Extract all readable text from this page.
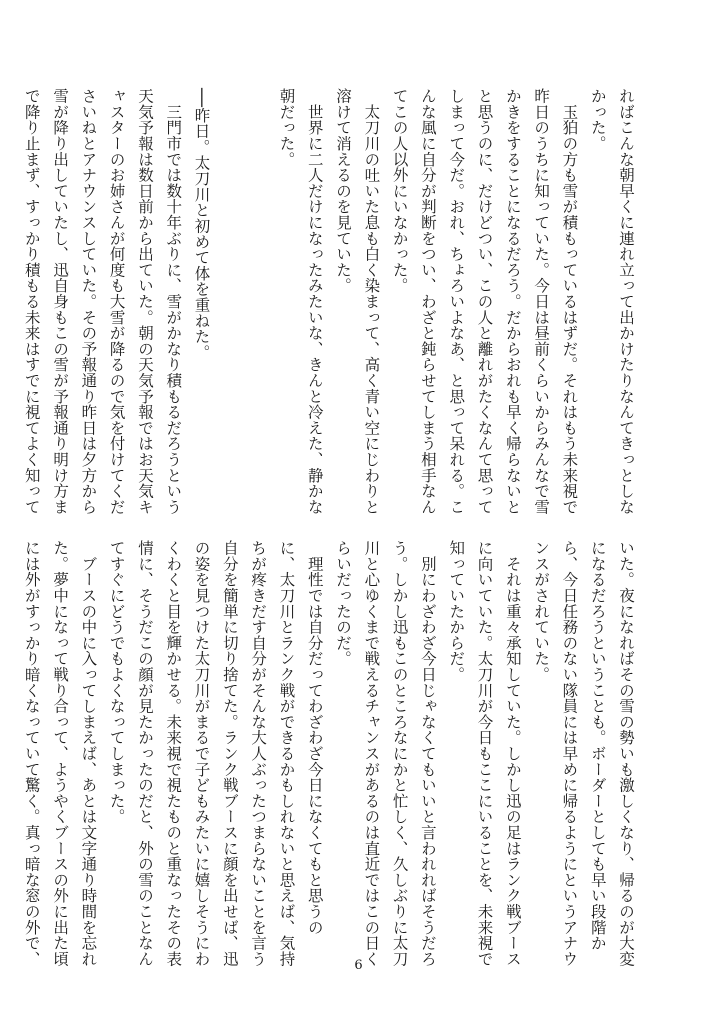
ればこんな朝早くに連れ立って出かけたりなんてきっとしな
かった。
　玉狛の方も雪が積もっているはずだ。それはもう未来視で
昨日のうちに知っていた。今日は昼前くらいからみんなで雪
かきをすることになるだろう。だからおれも早く帰らないと
と思うのに、だけどつい、この人と離れがたくなんて思って
しまって今だ。おれ、ちょろいよなあ、と思って呆れる。こ
んな風に自分が判断をつい、わざと鈍らせてしまう相手なん
てこの人以外にいなかった。
　太刀川の吐いた息も白く染まって、高く青い空にじわりと
溶けて消えるのを見ていた。
　世界に二人だけになったみたいな、きんと冷えた、静かな
朝だった。
──昨日。太刀川と初めて体を重ねた。
　三門市では数十年ぶりに、雪がかなり積もるだろうという
天気予報は数日前から出ていた。朝の天気予報ではお天気キ
ャスターのお姉さんが何度も大雪が降るので気を付けてくだ
さいねとアナウンスしていた。その予報通り昨日は夕方から
雪が降り出していたし、迅自身もこの雪が予報通り明け方ま
で降り止まず、すっかり積もる未来はすでに視てよく知って
いた。夜になればその雪の勢いも激しくなり、帰るのが大変
になるだろうということも。ボーダーとしても早い段階か
ら、今日任務のない隊員には早めに帰るようにというアナウ
ンスがされていた。
　それは重々承知していた。しかし迅の足はランク戦ブース
に向いていた。太刀川が今日もここにいることを、未来視で
知っていたからだ。
　別にわざわざ今日じゃなくてもいいと言われればそうだろ
う。しかし迅もこのところなにかと忙しく、久しぶりに太刀
川と心ゆくまで戦えるチャンスがあるのは直近ではこの日く
らいだったのだ。
　理性では自分だってわざわざ今日になくてもと思うの
に、太刀川とランク戦ができるかもしれないと思えば、気持
ちが疼きだす自分がそんな大人ぶったつまらないことを言う
自分を簡単に切り捨てた。ランク戦ブースに顔を出せば、迅
の姿を見つけた太刀川がまるで子どもみたいに嬉しそうにわ
くわくと目を輝かせる。未来視で視たものと重なったその表
情に、そうだこの顔が見たかったのだと、外の雪のことなん
てすぐにどうでもよくなってしまった。
　ブースの中に入ってしまえば、あとは文字通り時間を忘れ
た。夢中になって戦り合って、ようやくブースの外に出た頃
には外がすっかり暗くなっていて驚く。真っ暗な窓の外で、	6
